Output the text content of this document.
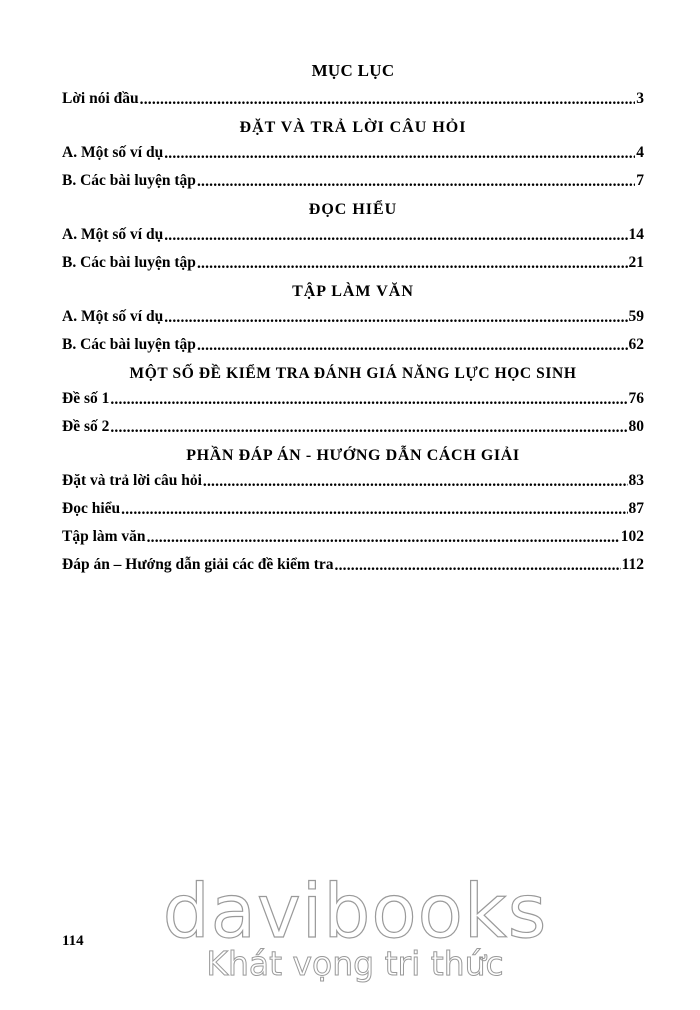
MỤC LỤC
Lời nói đầu .....	3
ĐẶT VÀ TRẢ LỜI CÂU HỎI
A. Một số ví dụ .....	4
B. Các bài luyện tập .....	7
ĐỌC HIỂU
A. Một số ví dụ .....	14
B. Các bài luyện tập .....	21
TẬP LÀM VĂN
A. Một số ví dụ .....	59
B. Các bài luyện tập .....	62
MỘT SỐ ĐỀ KIỂM TRA ĐÁNH GIÁ NĂNG LỰC HỌC SINH
Đề số 1 .....	76
Đề số 2 .....	80
PHẦN ĐÁP ÁN - HƯỚNG DẪN CÁCH GIẢI
Đặt và trả lời câu hỏi .....	83
Đọc hiểu .....	87
Tập làm văn .....	102
Đáp án – Hướng dẫn giải các đề kiểm tra .....	112
114 davibooks
Khát vọng tri thức
